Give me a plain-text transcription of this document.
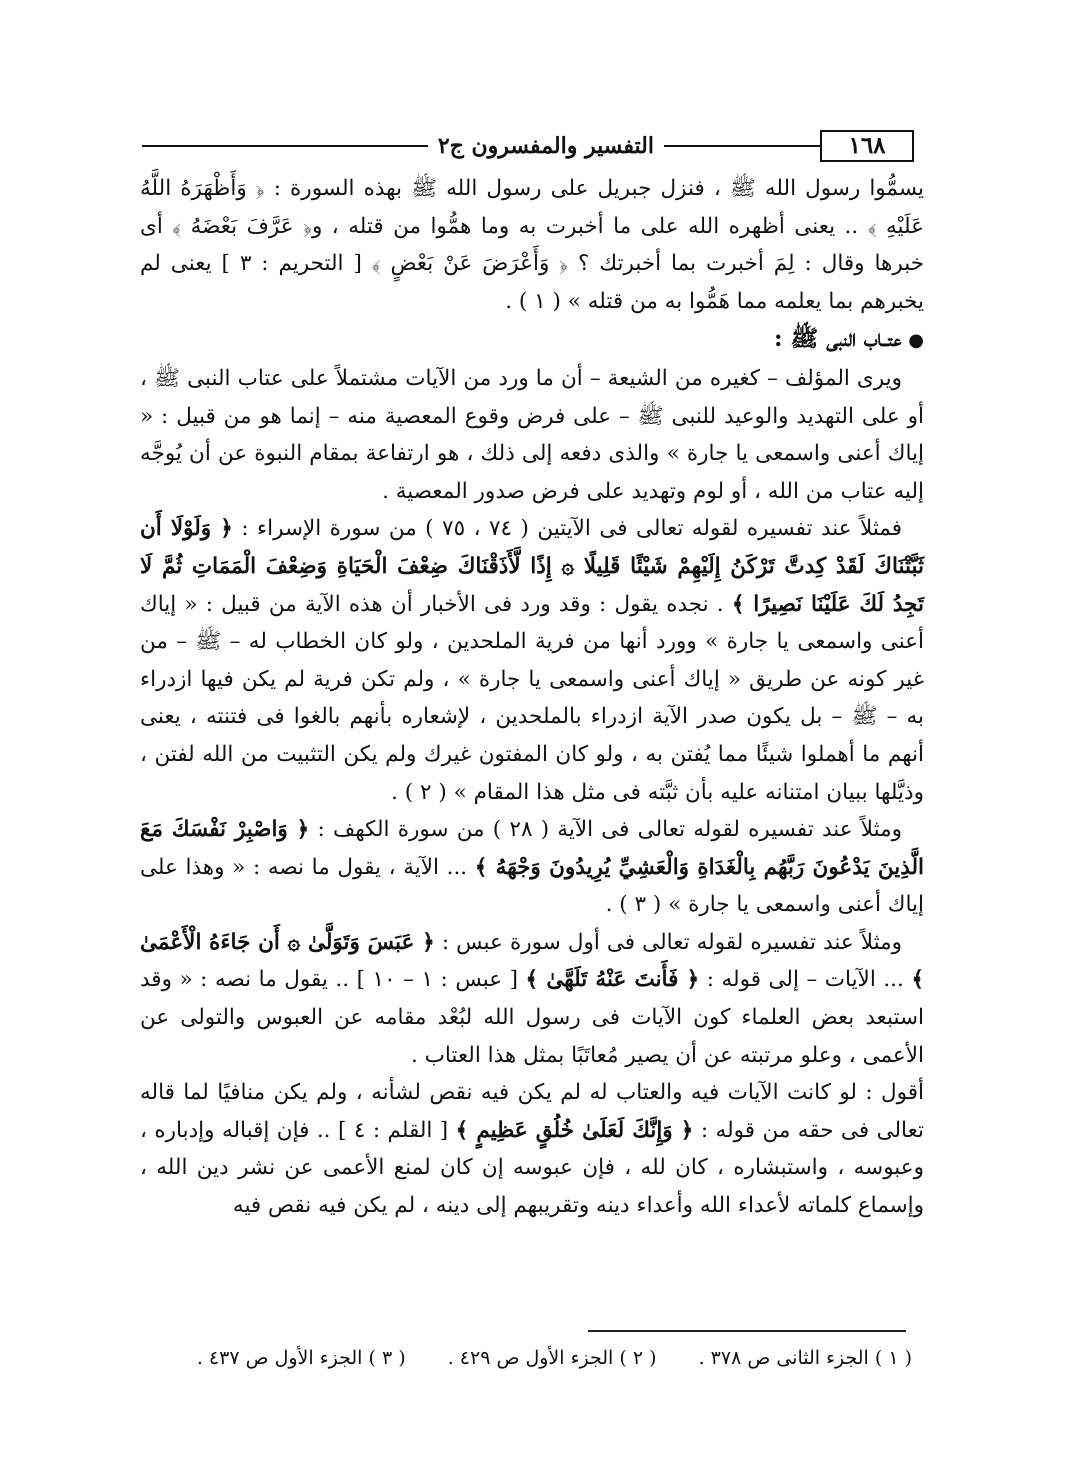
١٦٨
التفسير والمفسرون ج٢

يسمُّوا رسول الله ﷺ ، فنزل جبريل على رسول الله ﷺ بهذه السورة : ﴿ وَأَظْهَرَهُ اللَّهُ عَلَيْهِ ﴾ .. يعنى أظهره الله على ما أخبرت به وما همُّوا من قتله ، و﴿ عَرَّفَ بَعْضَهُ ﴾ أى خبرها وقال : لِمَ أخبرت بما أخبرتك ؟ ﴿ وَأَعْرَضَ عَنْ بَعْضٍ ﴾ [ التحريم : ٣ ] يعنى لم يخبرهم بما يعلمه مما هَمُّوا به من قتله » ( ١ ) .

● عتــاب النبى ﷺ :

ويرى المؤلف – كغيره من الشيعة – أن ما ورد من الآيات مشتملاً على عتاب النبى ﷺ ، أو على التهديد والوعيد للنبى ﷺ – على فرض وقوع المعصية منه – إنما هو من قبيل : « إياك أعنى واسمعى يا جارة » والذى دفعه إلى ذلك ، هو ارتفاعة بمقام النبوة عن أن يُوجَّه إليه عتاب من الله ، أو لوم وتهديد على فرض صدور المعصية .

فمثلاً عند تفسيره لقوله تعالى فى الآيتين ( ٧٤ ، ٧٥ ) من سورة الإسراء : ﴿ وَلَوْلَا أَن ثَبَّتْنَاكَ لَقَدْ كِدتَّ تَرْكَنُ إِلَيْهِمْ شَيْئًا قَلِيلًا ۞ إِذًا لَّأَذَقْنَاكَ ضِعْفَ الْحَيَاةِ وَضِعْفَ الْمَمَاتِ ثُمَّ لَا تَجِدُ لَكَ عَلَيْنَا نَصِيرًا ﴾ . نجده يقول : وقد ورد فى الأخبار أن هذه الآية من قبيل : « إياك أعنى واسمعى يا جارة » وورد أنها من فرية الملحدين ، ولو كان الخطاب له – ﷺ – من غير كونه عن طريق « إياك أعنى واسمعى يا جارة » ، ولم تكن فرية لم يكن فيها ازدراء به – ﷺ – بل يكون صدر الآية ازدراء بالملحدين ، لإشعاره بأنهم بالغوا فى فتنته ، يعنى أنهم ما أهملوا شيئًا مما يُفتن به ، ولو كان المفتون غيرك ولم يكن التثبيت من الله لفتن ، وذيَّلها ببيان امتنانه عليه بأن ثبَّته فى مثل هذا المقام » ( ٢ ) .

ومثلاً عند تفسيره لقوله تعالى فى الآية ( ٢٨ ) من سورة الكهف : ﴿ وَاصْبِرْ نَفْسَكَ مَعَ الَّذِينَ يَدْعُونَ رَبَّهُم بِالْغَدَاةِ وَالْعَشِيِّ يُرِيدُونَ وَجْهَهُ ﴾ ... الآية ، يقول ما نصه : « وهذا على إياك أعنى واسمعى يا جارة » ( ٣ ) .

ومثلاً عند تفسيره لقوله تعالى فى أول سورة عبس : ﴿ عَبَسَ وَتَوَلَّىٰ ۞ أَن جَاءَهُ الْأَعْمَىٰ ﴾ ... الآيات – إلى قوله : ﴿ فَأَنتَ عَنْهُ تَلَهَّىٰ ﴾ [ عبس : ١ – ١٠ ] .. يقول ما نصه : « وقد استبعد بعض العلماء كون الآيات فى رسول الله لبُعْد مقامه عن العبوس والتولى عن الأعمى ، وعلو مرتبته عن أن يصير مُعاتَبًا بمثل هذا العتاب .

أقول : لو كانت الآيات فيه والعتاب له لم يكن فيه نقص لشأنه ، ولم يكن منافيًا لما قاله تعالى فى حقه من قوله : ﴿ وَإِنَّكَ لَعَلَىٰ خُلُقٍ عَظِيمٍ ﴾ [ القلم : ٤ ] .. فإن إقباله وإدباره ، وعبوسه ، واستبشاره ، كان لله ، فإن عبوسه إن كان لمنع الأعمى عن نشر دين الله ، وإسماع كلماته لأعداء الله وأعداء دينه وتقريبهم إلى دينه ، لم يكن فيه نقص فيه

( ١ ) الجزء الثانى ص ٣٧٨ . ( ٢ ) الجزء الأول ص ٤٢٩ . ( ٣ ) الجزء الأول ص ٤٣٧ .
